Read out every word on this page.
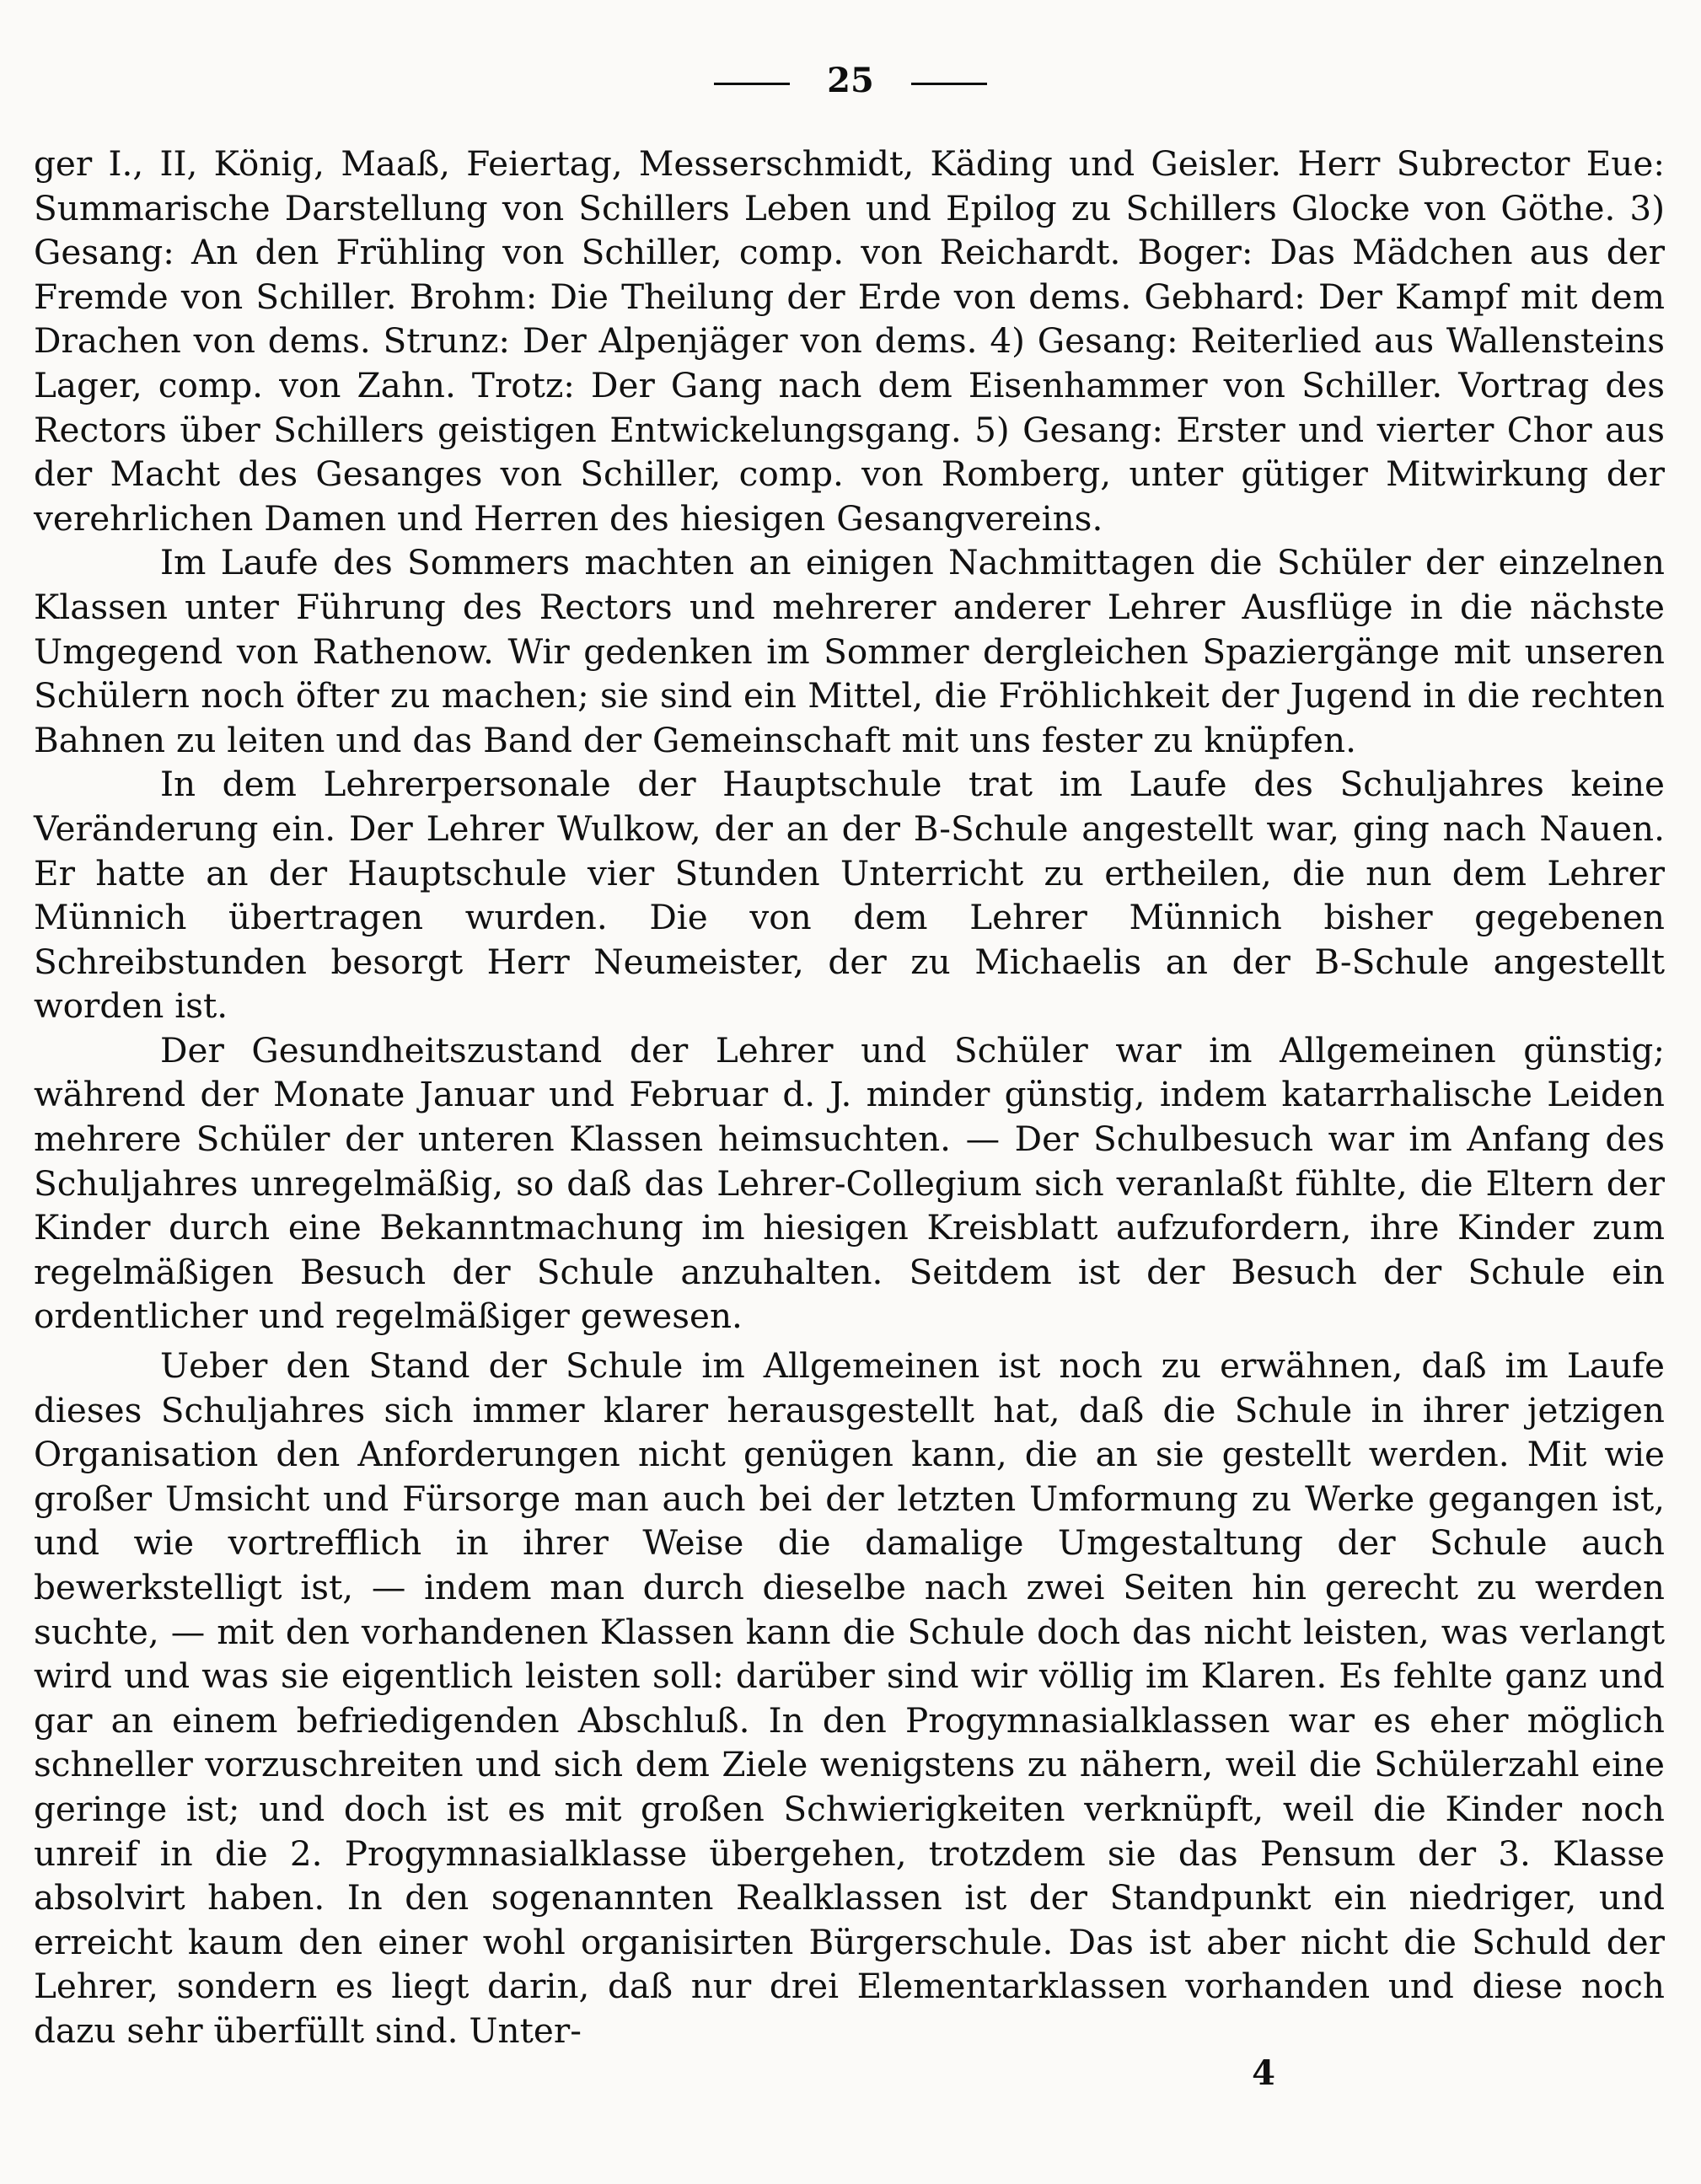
25

ger I., II, König, Maaß, Feiertag, Messerschmidt, Käding und Geisler. Herr Subrector Eue: Summarische Darstellung von Schillers Leben und Epilog zu Schillers Glocke von Göthe. 3) Gesang: An den Frühling von Schiller, comp. von Reichardt. Boger: Das Mädchen aus der Fremde von Schiller. Brohm: Die Theilung der Erde von dems. Gebhard: Der Kampf mit dem Drachen von dems. Strunz: Der Alpenjäger von dems. 4) Gesang: Reiterlied aus Wallensteins Lager, comp. von Zahn. Trotz: Der Gang nach dem Eisenhammer von Schiller. Vortrag des Rectors über Schillers geistigen Entwickelungsgang. 5) Gesang: Erster und vierter Chor aus der Macht des Gesanges von Schiller, comp. von Romberg, unter gütiger Mitwirkung der verehrlichen Damen und Herren des hiesigen Gesangvereins.

Im Laufe des Sommers machten an einigen Nachmittagen die Schüler der einzelnen Klassen unter Führung des Rectors und mehrerer anderer Lehrer Ausflüge in die nächste Umgegend von Rathenow. Wir gedenken im Sommer dergleichen Spaziergänge mit unseren Schülern noch öfter zu machen; sie sind ein Mittel, die Fröhlichkeit der Jugend in die rechten Bahnen zu leiten und das Band der Gemeinschaft mit uns fester zu knüpfen.

In dem Lehrerpersonale der Hauptschule trat im Laufe des Schuljahres keine Veränderung ein. Der Lehrer Wulkow, der an der B-Schule angestellt war, ging nach Nauen. Er hatte an der Hauptschule vier Stunden Unterricht zu ertheilen, die nun dem Lehrer Münnich übertragen wurden. Die von dem Lehrer Münnich bisher gegebenen Schreibstunden besorgt Herr Neumeister, der zu Michaelis an der B-Schule angestellt worden ist.

Der Gesundheitszustand der Lehrer und Schüler war im Allgemeinen günstig; während der Monate Januar und Februar d. J. minder günstig, indem katarrhalische Leiden mehrere Schüler der unteren Klassen heimsuchten. — Der Schulbesuch war im Anfang des Schuljahres unregelmäßig, so daß das Lehrer-Collegium sich veranlaßt fühlte, die Eltern der Kinder durch eine Bekanntmachung im hiesigen Kreisblatt aufzufordern, ihre Kinder zum regelmäßigen Besuch der Schule anzuhalten. Seitdem ist der Besuch der Schule ein ordentlicher und regelmäßiger gewesen.

Ueber den Stand der Schule im Allgemeinen ist noch zu erwähnen, daß im Laufe dieses Schuljahres sich immer klarer herausgestellt hat, daß die Schule in ihrer jetzigen Organisation den Anforderungen nicht genügen kann, die an sie gestellt werden. Mit wie großer Umsicht und Fürsorge man auch bei der letzten Umformung zu Werke gegangen ist, und wie vortrefflich in ihrer Weise die damalige Umgestaltung der Schule auch bewerkstelligt ist, — indem man durch dieselbe nach zwei Seiten hin gerecht zu werden suchte, — mit den vorhandenen Klassen kann die Schule doch das nicht leisten, was verlangt wird und was sie eigentlich leisten soll: darüber sind wir völlig im Klaren. Es fehlte ganz und gar an einem befriedigenden Abschluß. In den Progymnasialklassen war es eher möglich schneller vorzuschreiten und sich dem Ziele wenigstens zu nähern, weil die Schülerzahl eine geringe ist; und doch ist es mit großen Schwierigkeiten verknüpft, weil die Kinder noch unreif in die 2. Progymnasialklasse übergehen, trotzdem sie das Pensum der 3. Klasse absolvirt haben. In den sogenannten Realklassen ist der Standpunkt ein niedriger, und erreicht kaum den einer wohl organisirten Bürgerschule. Das ist aber nicht die Schuld der Lehrer, sondern es liegt darin, daß nur drei Elementarklassen vorhanden und diese noch dazu sehr überfüllt sind. Unter-

4
